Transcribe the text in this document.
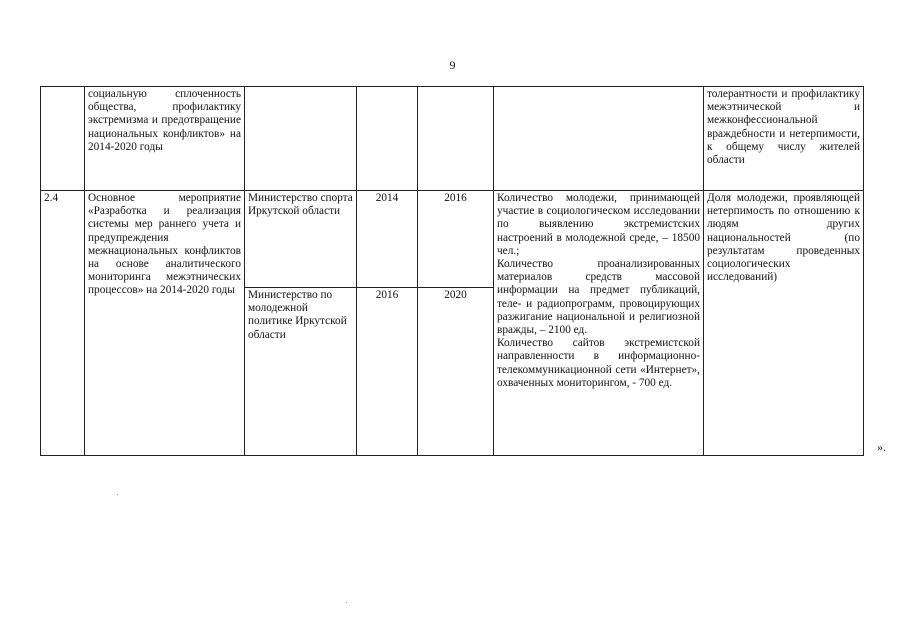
9
	социальную сплоченность общества, профилактику экстремизма и предотвращение национальных конфликтов» на 2014-2020 годы					толерантности и профилактику межэтнической и межконфессиональной враждебности и нетерпимости, к общему числу жителей области
2.4	Основное мероприятие «Разработка и реализация системы мер раннего учета и предупреждения межнациональных конфликтов на основе аналитического мониторинга межэтнических процессов» на 2014-2020 годы	Министерство спорта Иркутской области	2014	2016	Количество молодежи, принимающей участие в социологическом исследовании по выявлению экстремистских настроений в молодежной среде, – 18500 чел.;
Количество проанализированных материалов средств массовой информации на предмет публикаций, теле- и радиопрограмм, провоцирующих разжигание национальной и религиозной вражды, – 2100 ед.
Количество сайтов экстремистской направленности в информационно-телекоммуникационной сети «Интернет», охваченных мониторингом, - 700 ед.	Доля молодежи, проявляющей нетерпимость по отношению к людям других национальностей (по результатам проведенных социологических исследований)
		Министерство по молодежной политике Иркутской области	2016	2020		
».
